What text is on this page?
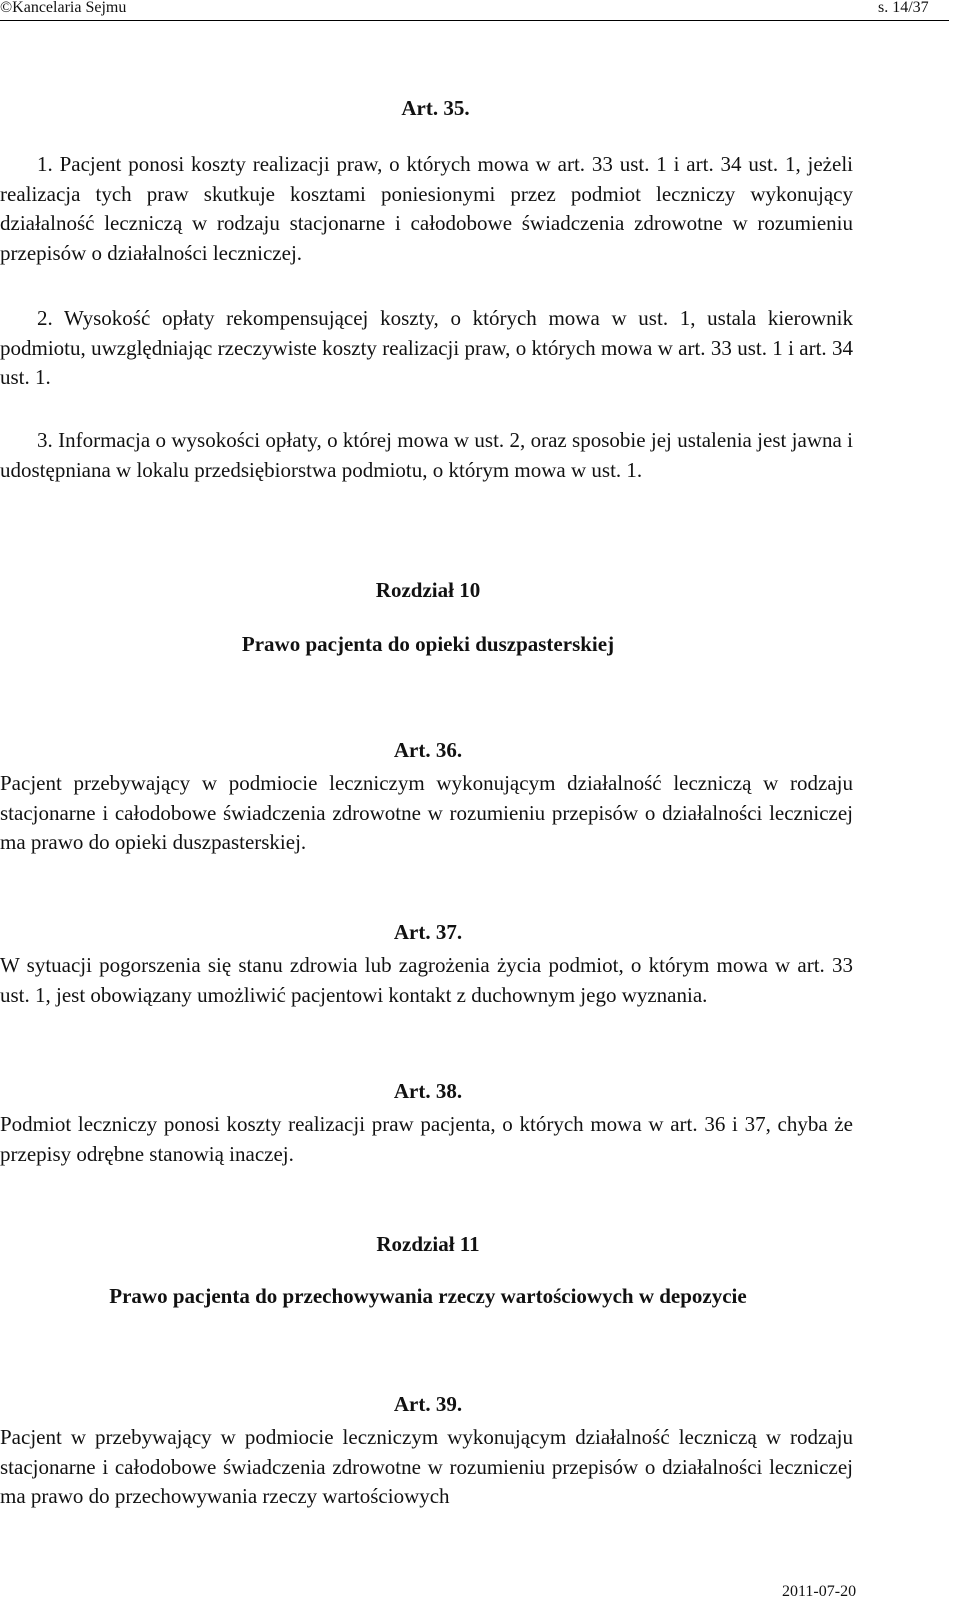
©Kancelaria Sejmu	s. 14/37
Art. 35.
1. Pacjent ponosi koszty realizacji praw, o których mowa w art. 33 ust. 1 i art. 34 ust. 1, jeżeli realizacja tych praw skutkuje kosztami poniesionymi przez podmiot leczniczy wykonujący działalność leczniczą w rodzaju stacjonarne i całodobowe świadczenia zdrowotne w rozumieniu przepisów o działalności leczniczej.
2. Wysokość opłaty rekompensującej koszty, o których mowa w ust. 1, ustala kierownik podmiotu, uwzględniając rzeczywiste koszty realizacji praw, o których mowa w art. 33 ust. 1 i art. 34 ust. 1.
3. Informacja o wysokości opłaty, o której mowa w ust. 2, oraz sposobie jej ustalenia jest jawna i udostępniana w lokalu przedsiębiorstwa podmiotu, o którym mowa w ust. 1.
Rozdział 10
Prawo pacjenta do opieki duszpasterskiej
Art. 36.
Pacjent przebywający w podmiocie leczniczym wykonującym działalność leczniczą w rodzaju stacjonarne i całodobowe świadczenia zdrowotne w rozumieniu przepisów o działalności leczniczej ma prawo do opieki duszpasterskiej.
Art. 37.
W sytuacji pogorszenia się stanu zdrowia lub zagrożenia życia podmiot, o którym mowa w art. 33 ust. 1, jest obowiązany umożliwić pacjentowi kontakt z duchownym jego wyznania.
Art. 38.
Podmiot leczniczy ponosi koszty realizacji praw pacjenta, o których mowa w art. 36 i 37, chyba że przepisy odrębne stanowią inaczej.
Rozdział 11
Prawo pacjenta do przechowywania rzeczy wartościowych w depozycie
Art. 39.
Pacjent w przebywający w podmiocie leczniczym wykonującym działalność leczniczą w rodzaju stacjonarne i całodobowe świadczenia zdrowotne w rozumieniu przepisów o działalności leczniczej ma prawo do przechowywania rzeczy wartościowych
2011-07-20
